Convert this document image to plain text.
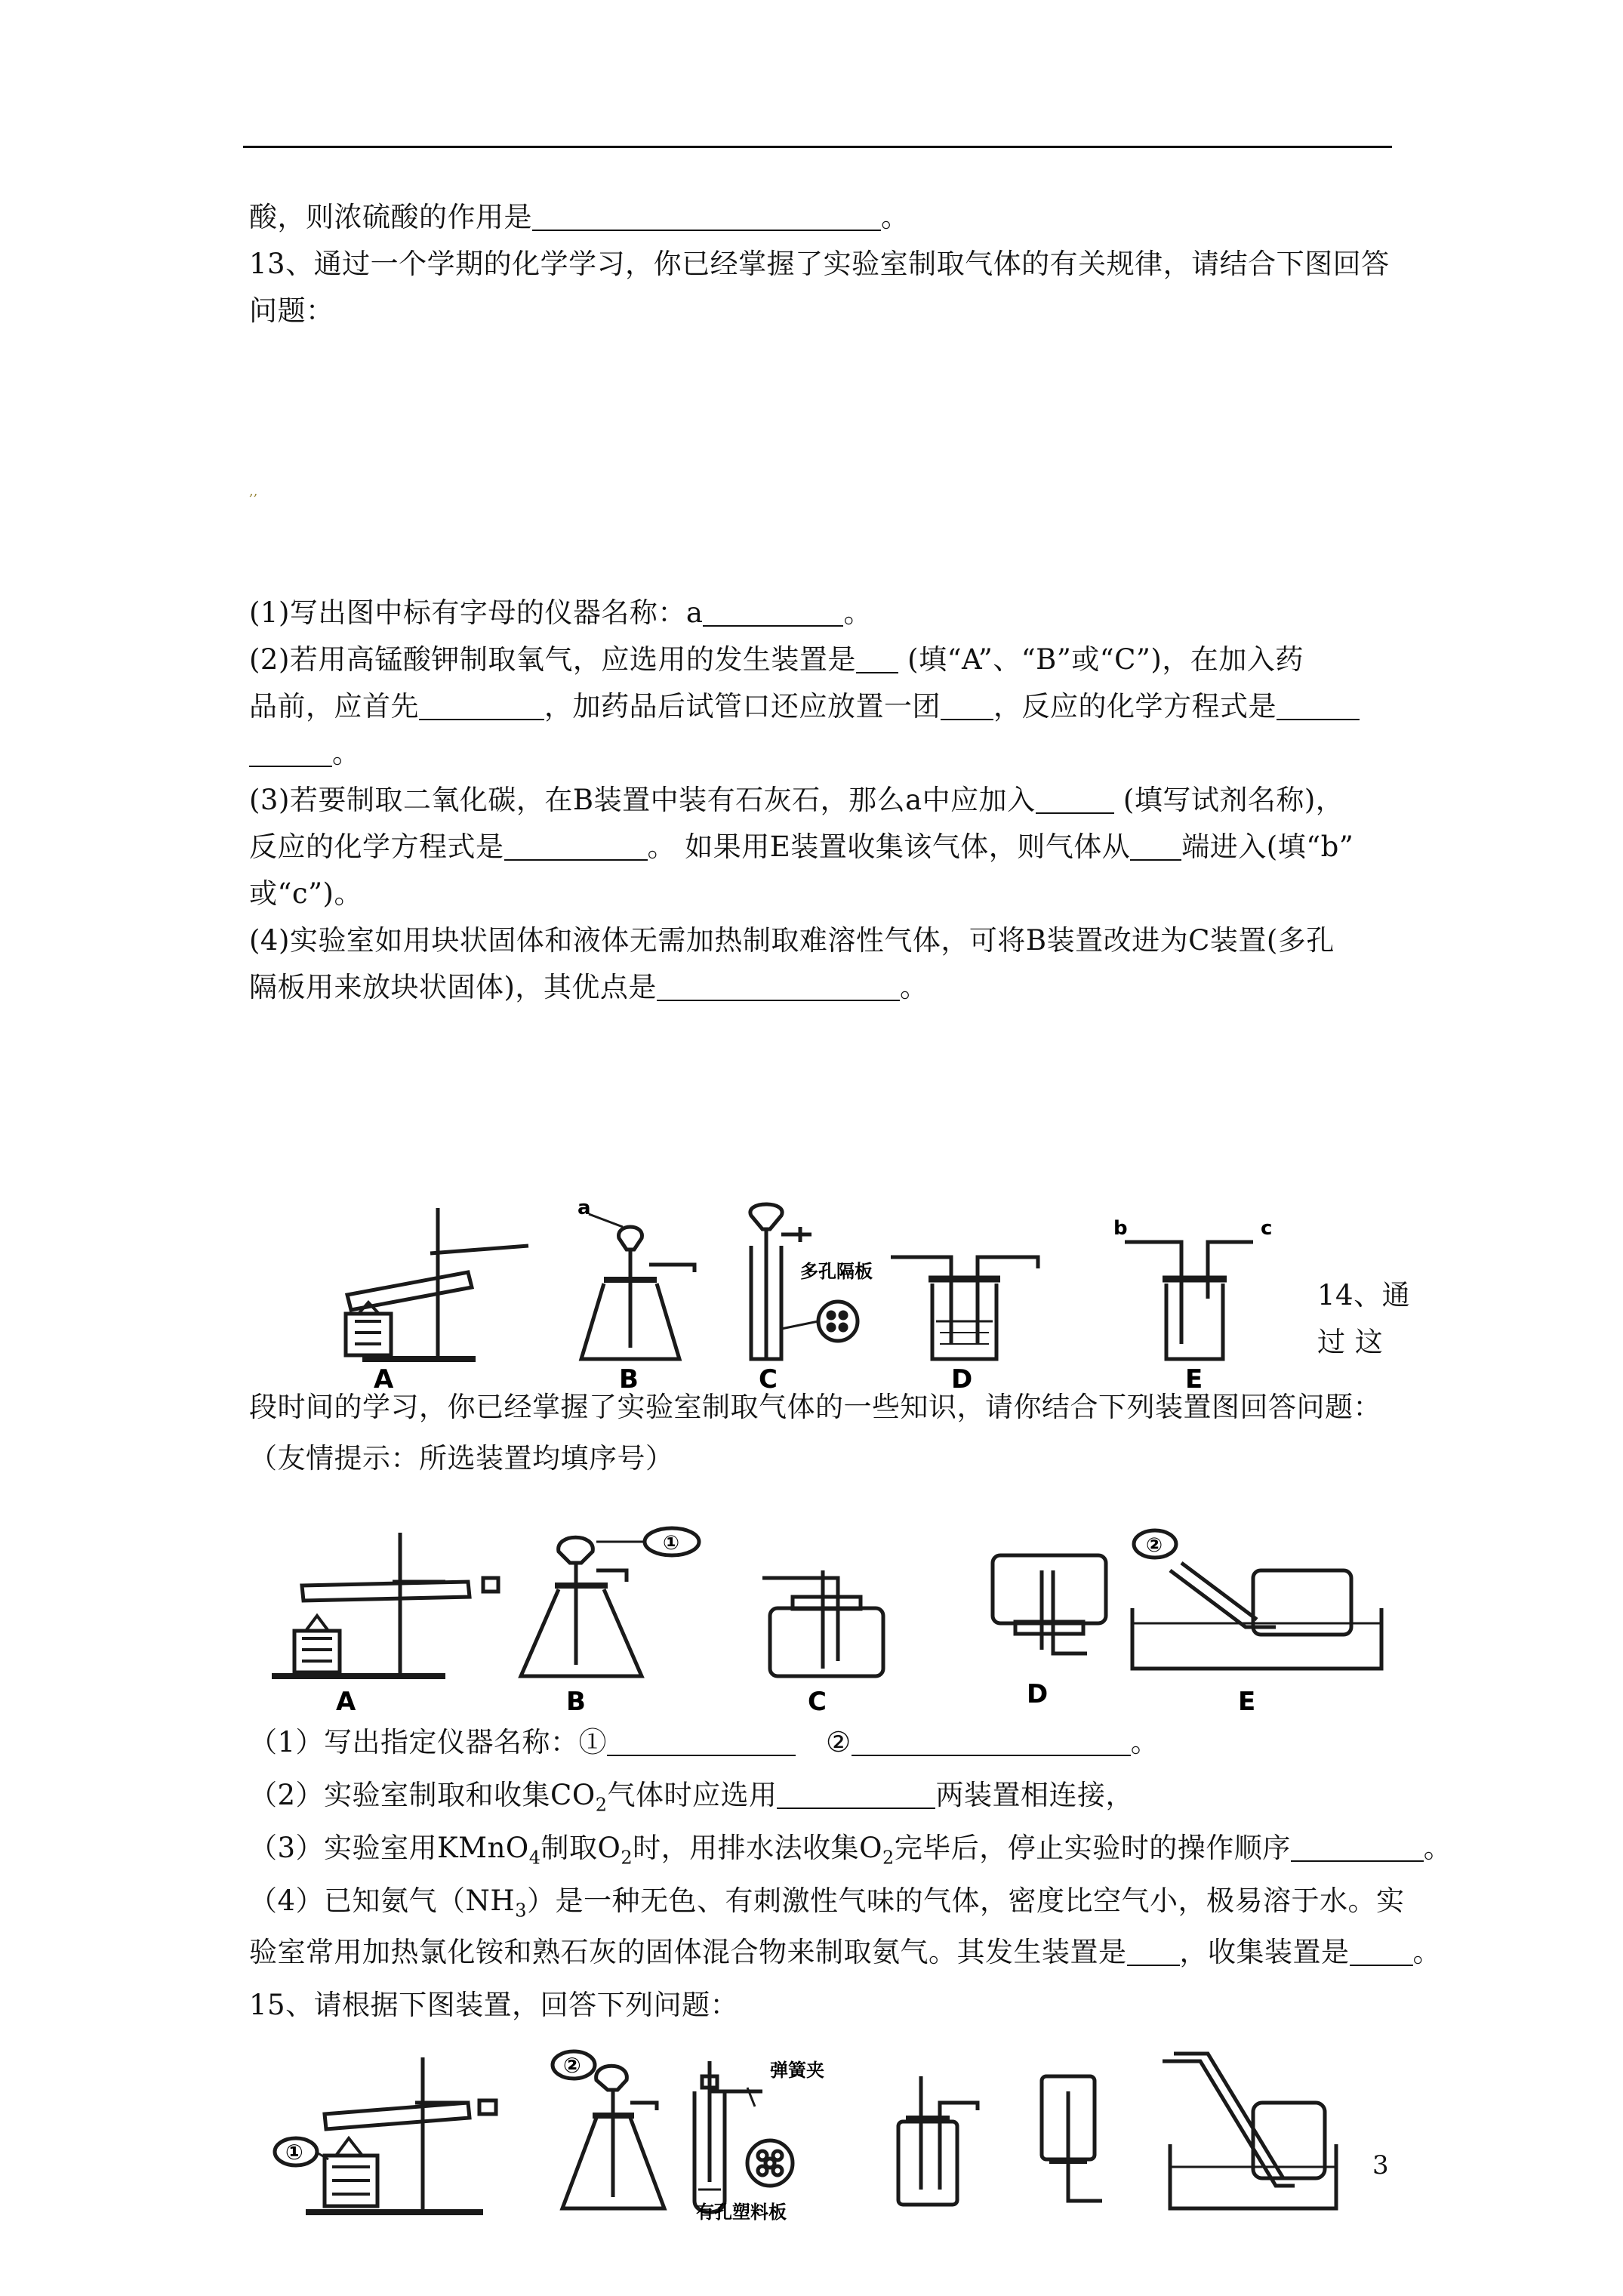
酸，则浓硫酸的作用是	。
13、通过一个学期的化学学习，你已经掌握了实验室制取气体的有关规律，请结合下图回答
问题：
,,
(1)写出图中标有字母的仪器名称：a	。
(2)若用高锰酸钾制取氧气，应选用的发生装置是 (填“A”、“B”或“C”)，在加入药
品前，应首先	，加药品后试管口还应放置一团 ，反应的化学方程式是
。
(3)若要制取二氧化碳，在B装置中装有石灰石，那么a中应加入	(填写试剂名称)，
反应的化学方程式是	。 如果用E装置收集该气体，则气体从 端进入(填“b”
或“c”)。
(4)实验室如用块状固体和液体无需加热制取难溶性气体，可将B装置改进为C装置(多孔
隔板用来放块状固体)，其优点是	。
A	B	C	D	E
a
b	c
多孔隔板
14、通
过 这
段时间的学习，你已经掌握了实验室制取气体的一些知识，请你结合下列装置图回答问题：
（友情提示：所选装置均填序号）
A	B	C	D	E
①	②
（1）写出指定仪器名称：①	②	。
（2）实验室制取和收集$CO_2$气体时应选用	两装置相连接，
（3）实验室用KMnO$_4$制取$O_2$时，用排水法收集$O_2$完毕后，停止实验时的操作顺序	。
（4）已知氨气$(NH_3)$是一种无色、有刺激性气味的气体，密度比空气小，极易溶于水。实
验室常用加热氯化铵和熟石灰的固体混合物来制取氨气。其发生装置是 ，收集装置是 。
15、请根据下图装置，回答下列问题：
①
②	弹簧夹
有孔塑料板
3
